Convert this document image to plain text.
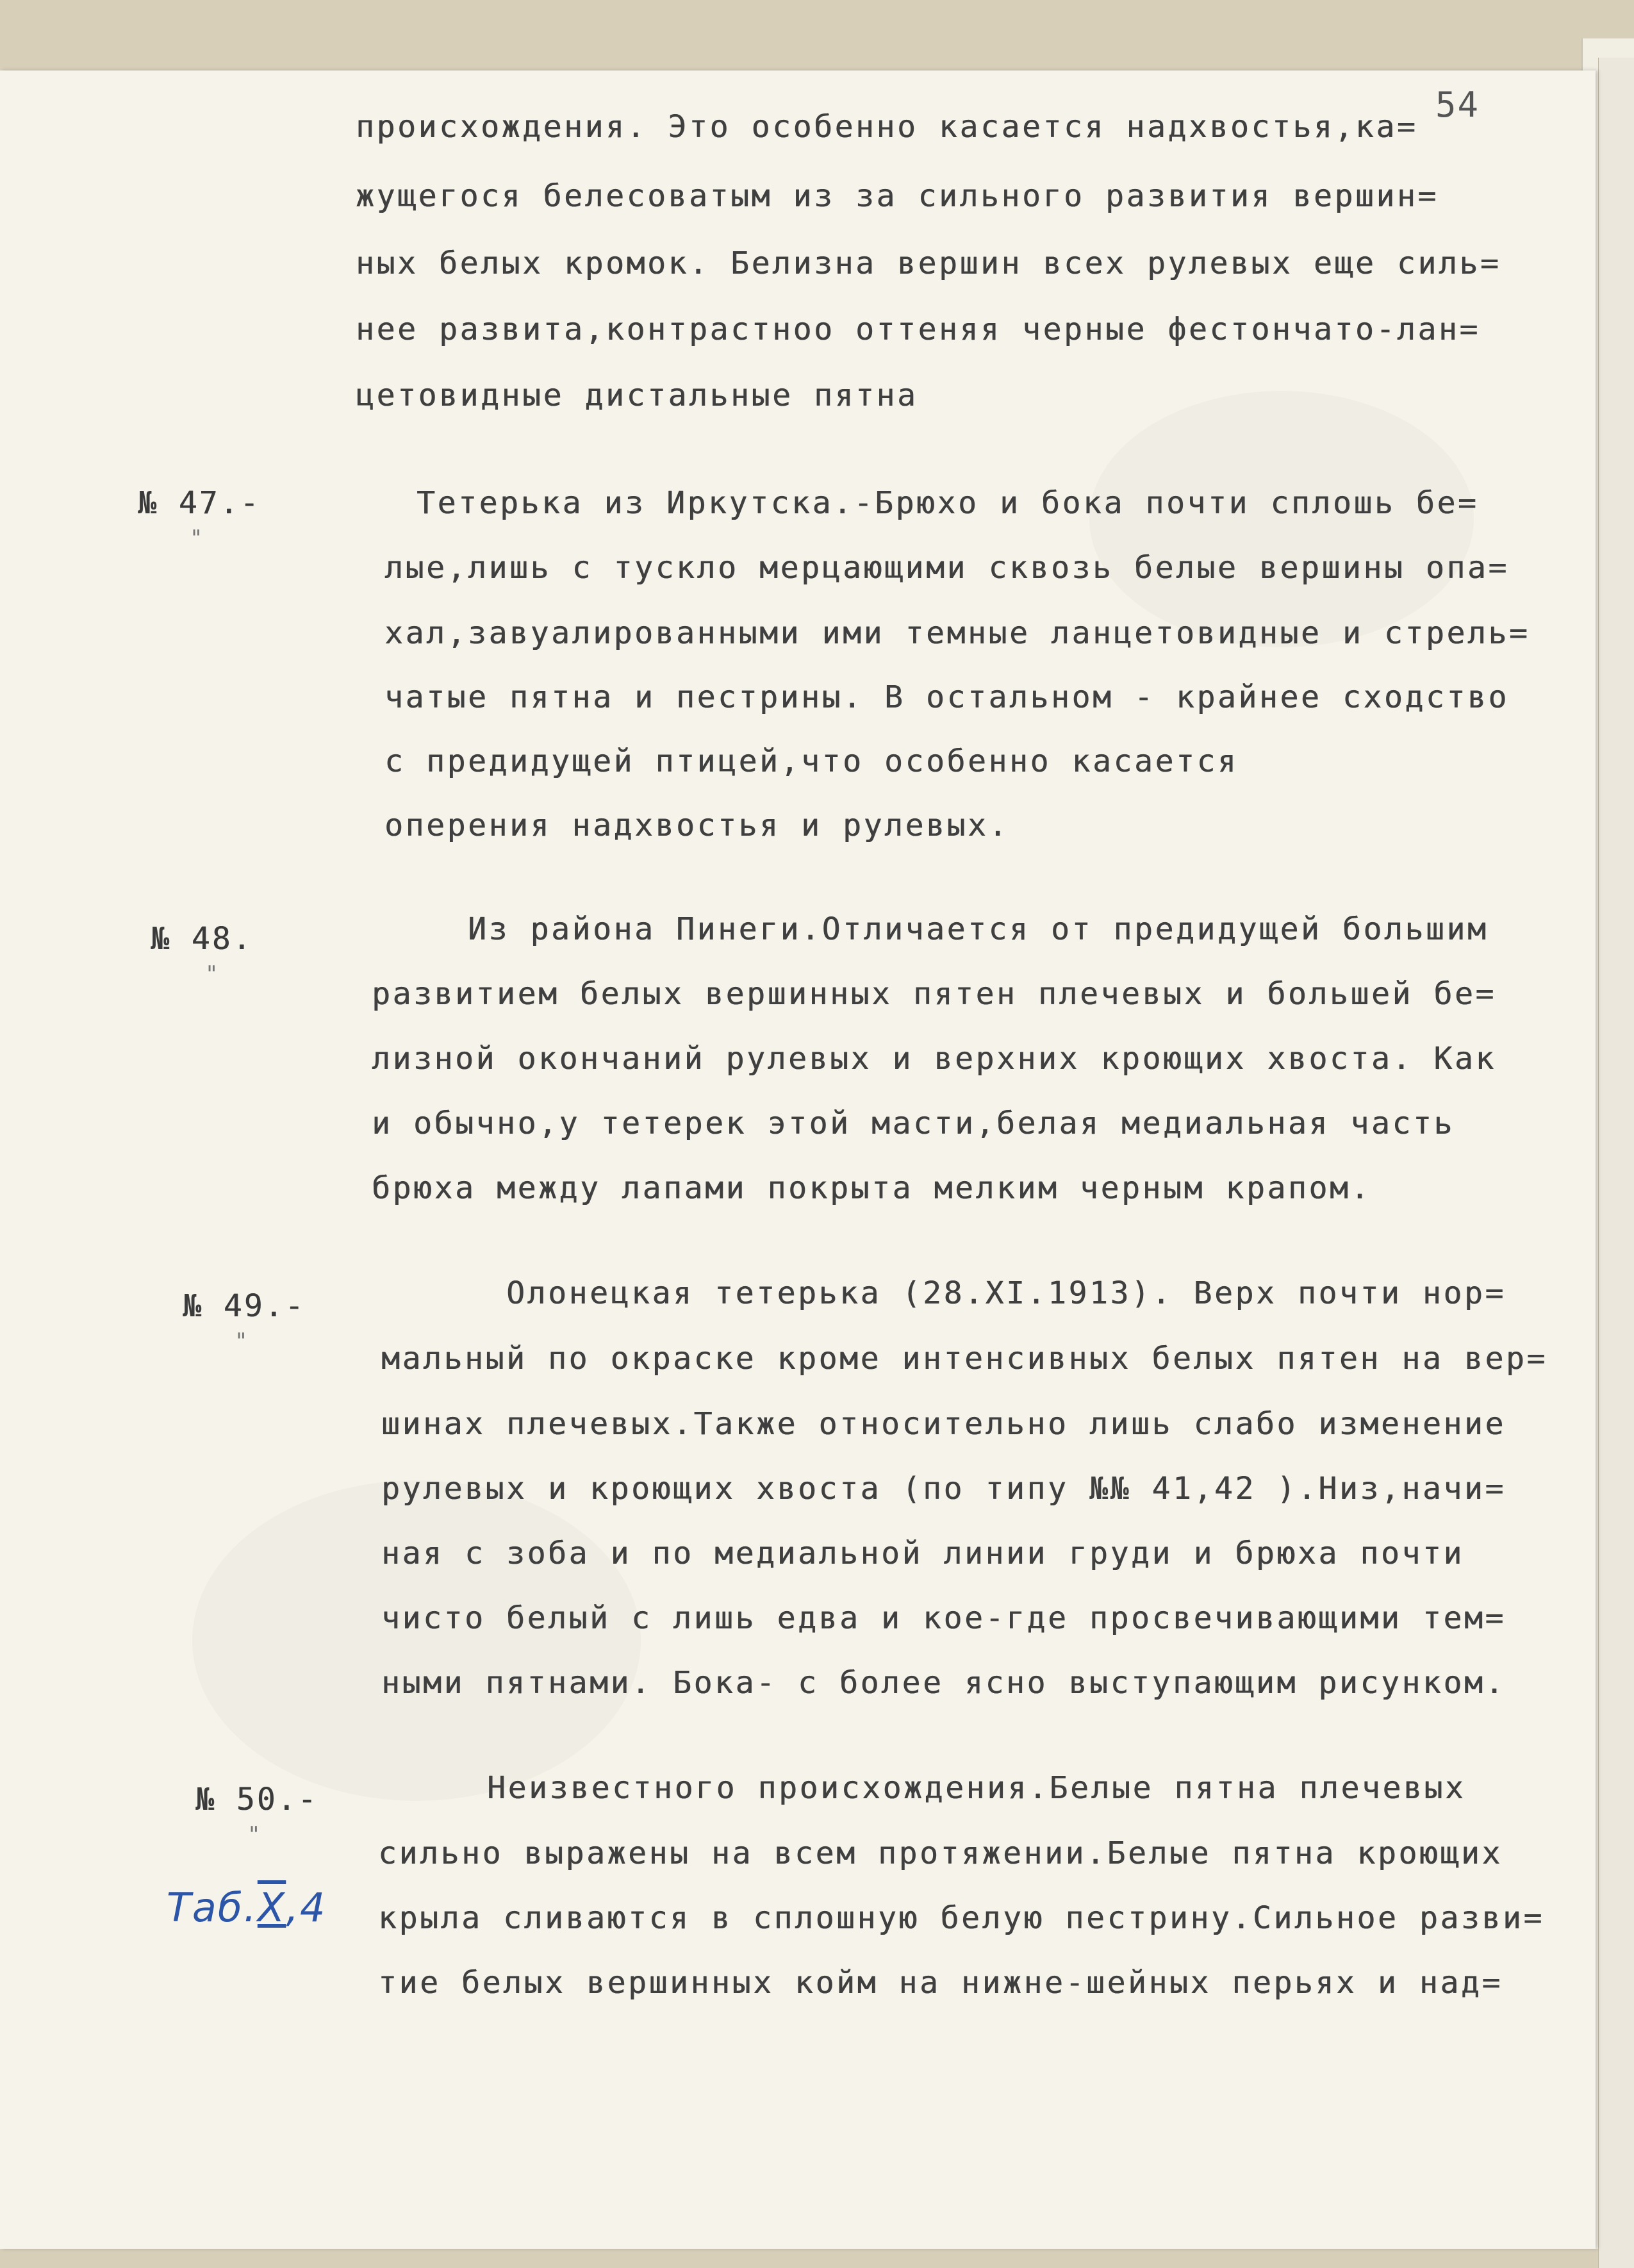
54
происхождения. Это особенно касается надхвостья,ка=
жущегося белесоватым из за сильного развития вершин=
ных белых кромок. Белизна вершин всех рулевых еще силь=
нее развита,контрастноо оттеняя черные фестончато-лан=
цетовидные дистальные пятна
№ 47.-
"
Тетерька из Иркутска.-Брюхо и бока почти сплошь бе=
лые,лишь с тускло мерцающими сквозь белые вершины опа=
хал,завуалированными ими темные ланцетовидные и стрель=
чатые пятна и пестрины. В остальном - крайнее сходство
с предидущей птицей,что особенно касается
оперения надхвостья и рулевых.
№ 48.
"
Из района Пинеги.Отличается от предидущей большим
развитием белых вершинных пятен плечевых и большей бе=
лизной окончаний рулевых и верхних кроющих хвоста. Как
и обычно,у тетерек этой масти,белая медиальная часть
брюха между лапами покрыта мелким черным крапом.
№ 49.-
"
Олонецкая тетерька (28.XI.1913). Верх почти нор=
мальный по окраске кроме интенсивных белых пятен на вер=
шинах плечевых.Также относительно лишь слабо изменение
рулевых и кроющих хвоста (по типу №№ 41,42 ).Низ,начи=
ная с зоба и по медиальной линии груди и брюха почти
чисто белый с лишь едва и кое-где просвечивающими тем=
ными пятнами. Бока- с более ясно выступающим рисунком.
№ 50.-
"
Неизвестного происхождения.Белые пятна плечевых
сильно выражены на всем протяжении.Белые пятна кроющих
крыла сливаются в сплошную белую пестрину.Сильное разви=
тие белых вершинных койм на нижне-шейных перьях и над=
Таб.X,4
